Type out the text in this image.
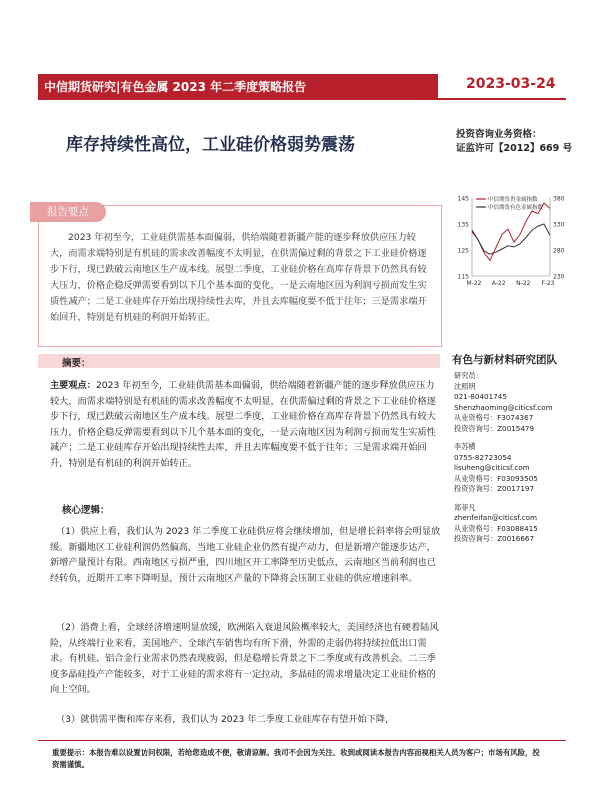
中信期货研究|有色金属 2023 年二季度策略报告	2023-03-24
库存持续性高位，工业硅价格弱势震荡
投资咨询业务资格：
证监许可【2012】669 号
报告要点
2023 年初至今，工业硅供需基本面偏弱，供给端随着新疆产能的逐步释放供应压力较大，而需求端特别是有机硅的需求改善幅度不太明显，在供需偏过剩的背景之下工业硅价格逐步下行，现已跌破云南地区生产成本线。展望二季度，工业硅价格在高库存背景下仍然具有较大压力，价格企稳反弹需要看到以下几个基本面的变化，一是云南地区因为利润亏损而发生实质性减产；二是工业硅库存开始出现持续性去库，并且去库幅度要不低于往年；三是需求端开始回升，特别是有机硅的利润开始转正。
145
135
125
115
380
330
280
230
M-22 A-22 N-22 F-23
中信期货贵金属指数
中信期货有色金属指数
摘要：
主要观点：2023 年初至今，工业硅供需基本面偏弱，供给端随着新疆产能的逐步释放供应压力较大，而需求端特别是有机硅的需求改善幅度不太明显，在供需偏过剩的背景之下工业硅价格逐步下行，现已跌破云南地区生产成本线。展望二季度，工业硅价格在高库存背景下仍然具有较大压力，价格企稳反弹需要看到以下几个基本面的变化，一是云南地区因为利润亏损而发生实质性减产；二是工业硅库存开始出现持续性去库，并且去库幅度要不低于往年；三是需求端开始回升，特别是有机硅的利润开始转正。
核心逻辑：
（1）供应上看，我们认为 2023 年二季度工业硅供应将会继续增加，但是增长斜率将会明显放缓。新疆地区工业硅利润仍然偏高，当地工业硅企业仍然有提产动力，但是新增产能逐步达产，新增产量预计有限。西南地区亏损严重，四川地区开工率降至历史低点，云南地区当前利润也已经转负，近期开工率下降明显，预计云南地区产量的下降将会压制工业硅的供应增速斜率。
（2）消费上看，全球经济增速明显放缓，欧洲陷入衰退风险概率较大，美国经济也有硬着陆风险，从终端行业来看，美国地产、全球汽车销售均有所下滑，外需的走弱仍将持续拉低出口需求。有机硅、铝合金行业需求仍然表现疲弱，但是稳增长背景之下二季度或有改善机会。二三季度多晶硅投产产能较多，对于工业硅的需求将有一定拉动，多晶硅的需求增量决定工业硅价格的向上空间。
（3）就供需平衡和库存来看，我们认为 2023 年二季度工业硅库存有望开始下降，
有色与新材料研究团队
研究员：
沈照明
021-80401745
Shenzhaoming@citicsf.com
从业资格号：F3074367
投资咨询号：Z0015479
李苏横
0755-82723054
lisuheng@citicsf.com
从业资格号：F03093505
投资咨询号：Z0017197
郑菲凡
zhenfeifan@citicsf.com
从业资格号：F03088415
投资咨询号：Z0016667
重要提示：本报告难以设置访问权限，若给您造成不便，敬请谅解。我司不会因为关注、收到或阅读本报告内容而视相关人员为客户；市场有风险，投资需谨慎。
